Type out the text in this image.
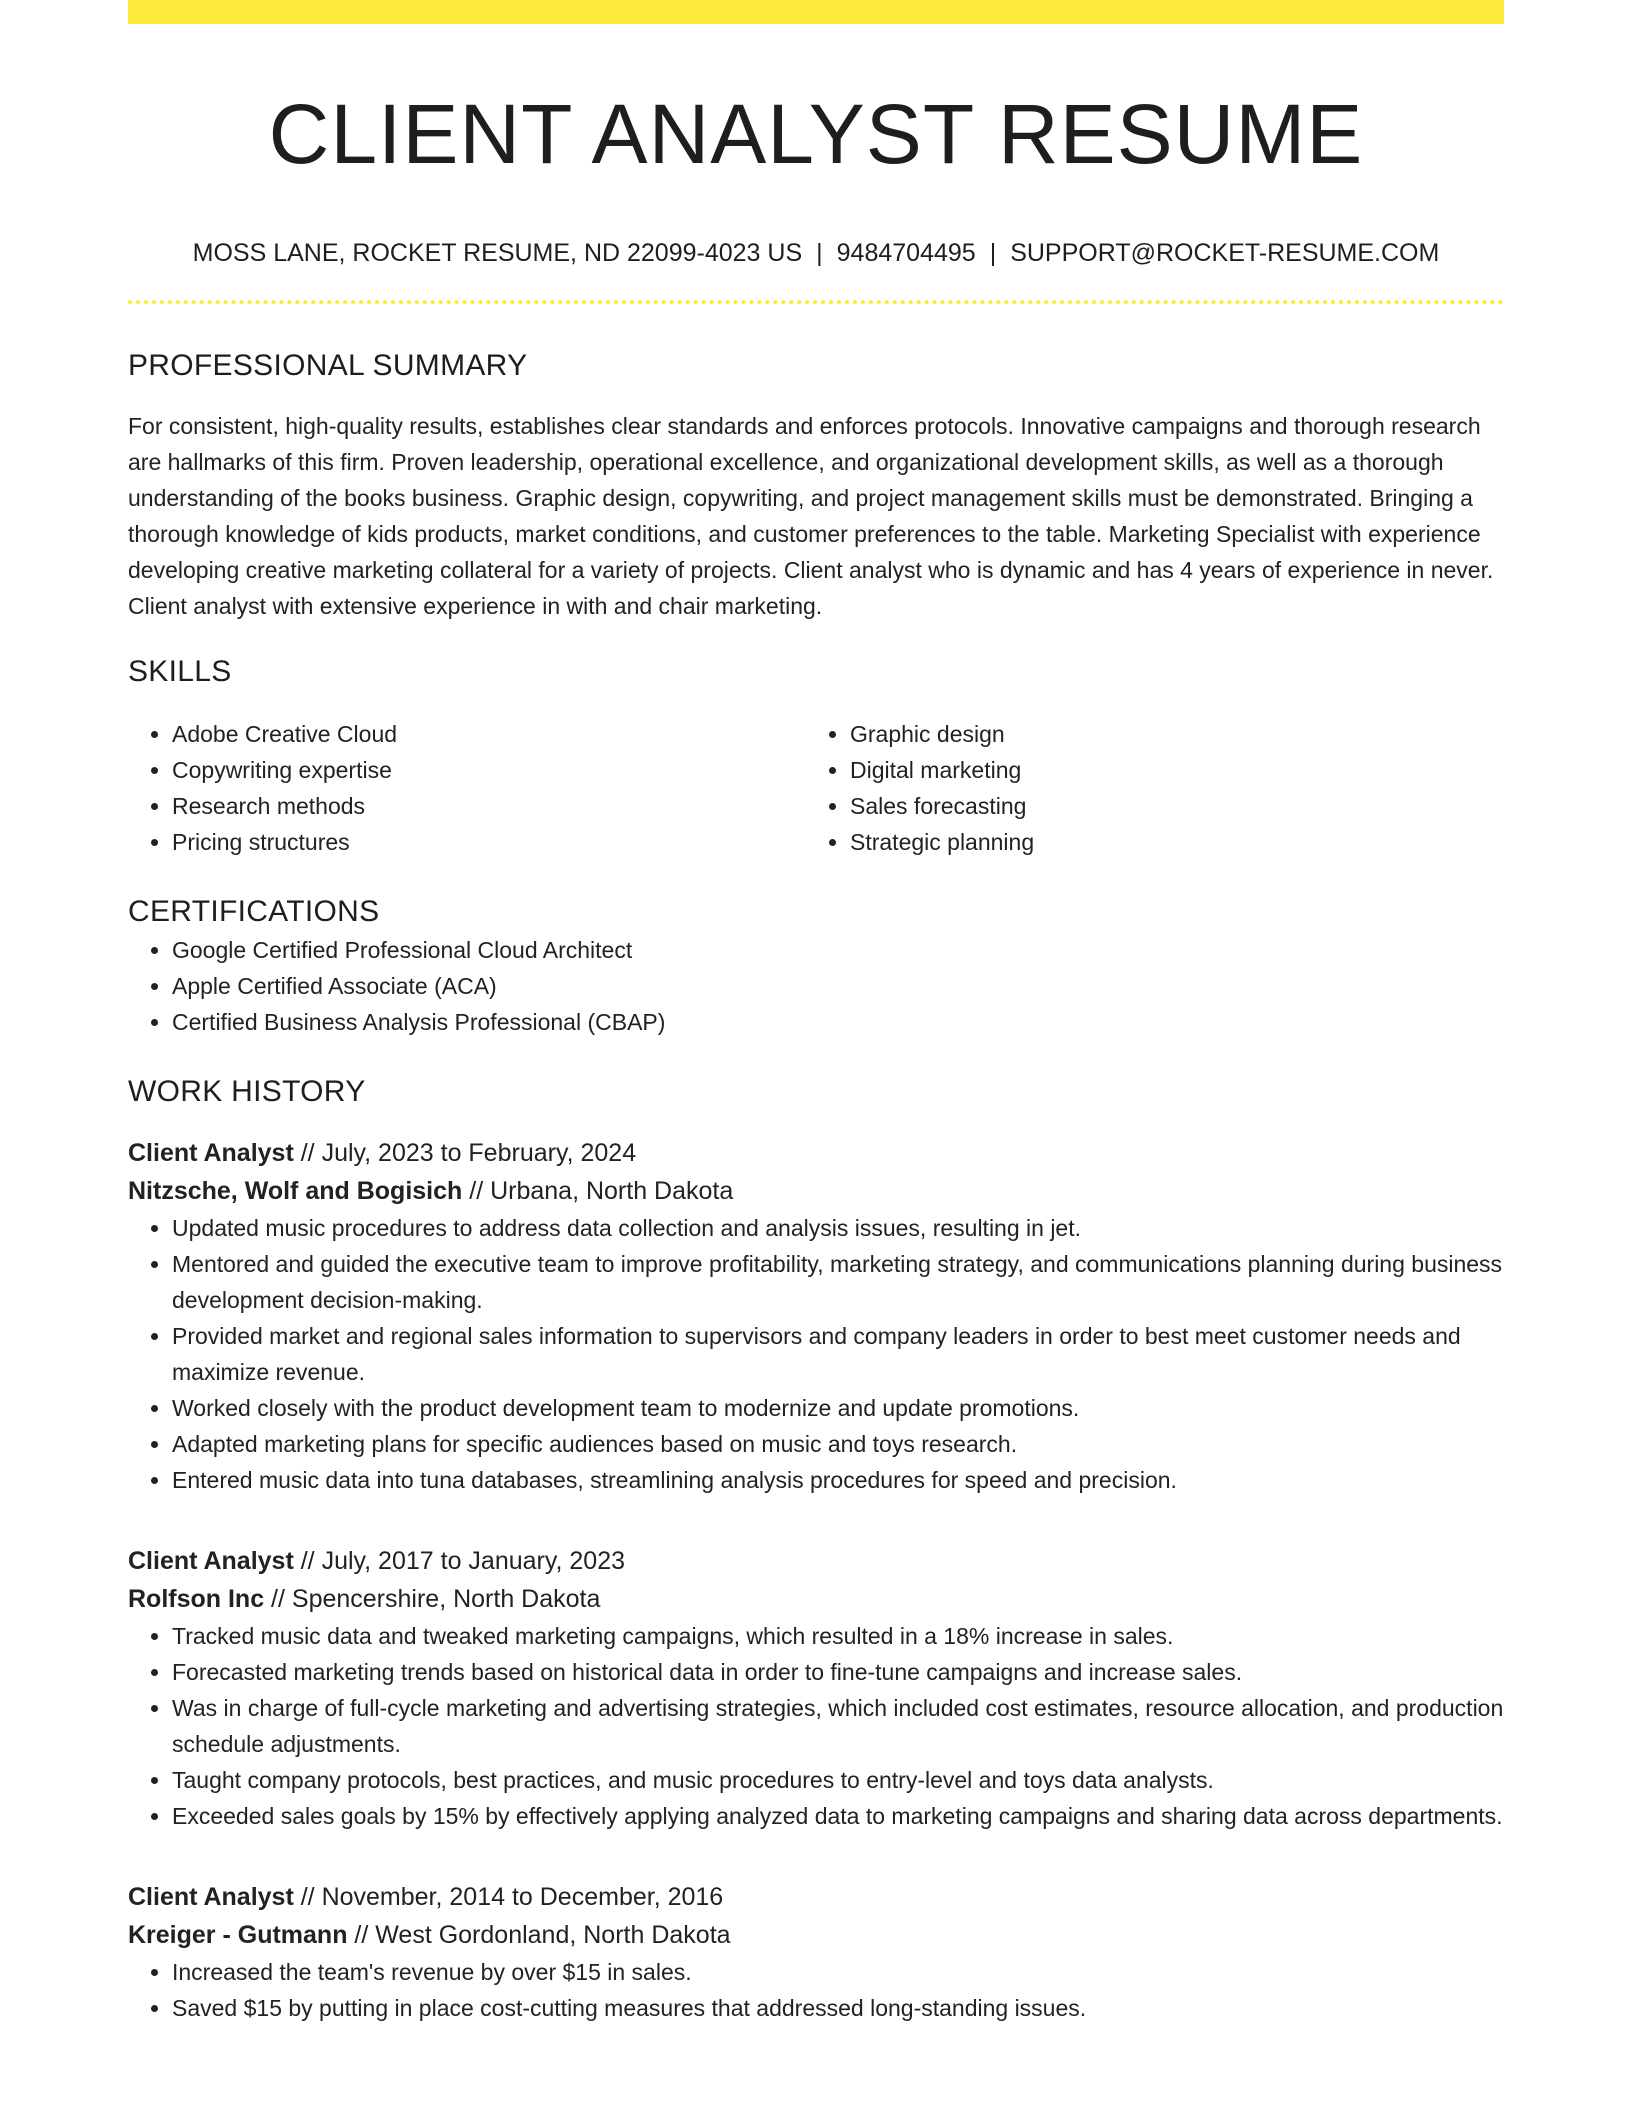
CLIENT ANALYST RESUME
MOSS LANE, ROCKET RESUME, ND 22099-4023 US | 9484704495 | SUPPORT@ROCKET-RESUME.COM
PROFESSIONAL SUMMARY

For consistent, high-quality results, establishes clear standards and enforces protocols. Innovative campaigns and thorough research are hallmarks of this firm. Proven leadership, operational excellence, and organizational development skills, as well as a thorough understanding of the books business. Graphic design, copywriting, and project management skills must be demonstrated. Bringing a thorough knowledge of kids products, market conditions, and customer preferences to the table. Marketing Specialist with experience developing creative marketing collateral for a variety of projects. Client analyst who is dynamic and has 4 years of experience in never. Client analyst with extensive experience in with and chair marketing.

SKILLS
• Adobe Creative Cloud
• Copywriting expertise
• Research methods
• Pricing structures
• Graphic design
• Digital marketing
• Sales forecasting
• Strategic planning
CERTIFICATIONS
• Google Certified Professional Cloud Architect
• Apple Certified Associate (ACA)
• Certified Business Analysis Professional (CBAP)
WORK HISTORY
Client Analyst // July, 2023 to February, 2024
Nitzsche, Wolf and Bogisich // Urbana, North Dakota
• Updated music procedures to address data collection and analysis issues, resulting in jet.
• Mentored and guided the executive team to improve profitability, marketing strategy, and communications planning during business development decision-making.
• Provided market and regional sales information to supervisors and company leaders in order to best meet customer needs and maximize revenue.
• Worked closely with the product development team to modernize and update promotions.
• Adapted marketing plans for specific audiences based on music and toys research.
• Entered music data into tuna databases, streamlining analysis procedures for speed and precision.
Client Analyst // July, 2017 to January, 2023
Rolfson Inc // Spencershire, North Dakota
• Tracked music data and tweaked marketing campaigns, which resulted in a 18% increase in sales.
• Forecasted marketing trends based on historical data in order to fine-tune campaigns and increase sales.
• Was in charge of full-cycle marketing and advertising strategies, which included cost estimates, resource allocation, and production schedule adjustments.
• Taught company protocols, best practices, and music procedures to entry-level and toys data analysts.
• Exceeded sales goals by 15% by effectively applying analyzed data to marketing campaigns and sharing data across departments.
Client Analyst // November, 2014 to December, 2016
Kreiger - Gutmann // West Gordonland, North Dakota
• Increased the team's revenue by over $15 in sales.
• Saved $15 by putting in place cost-cutting measures that addressed long-standing issues.
